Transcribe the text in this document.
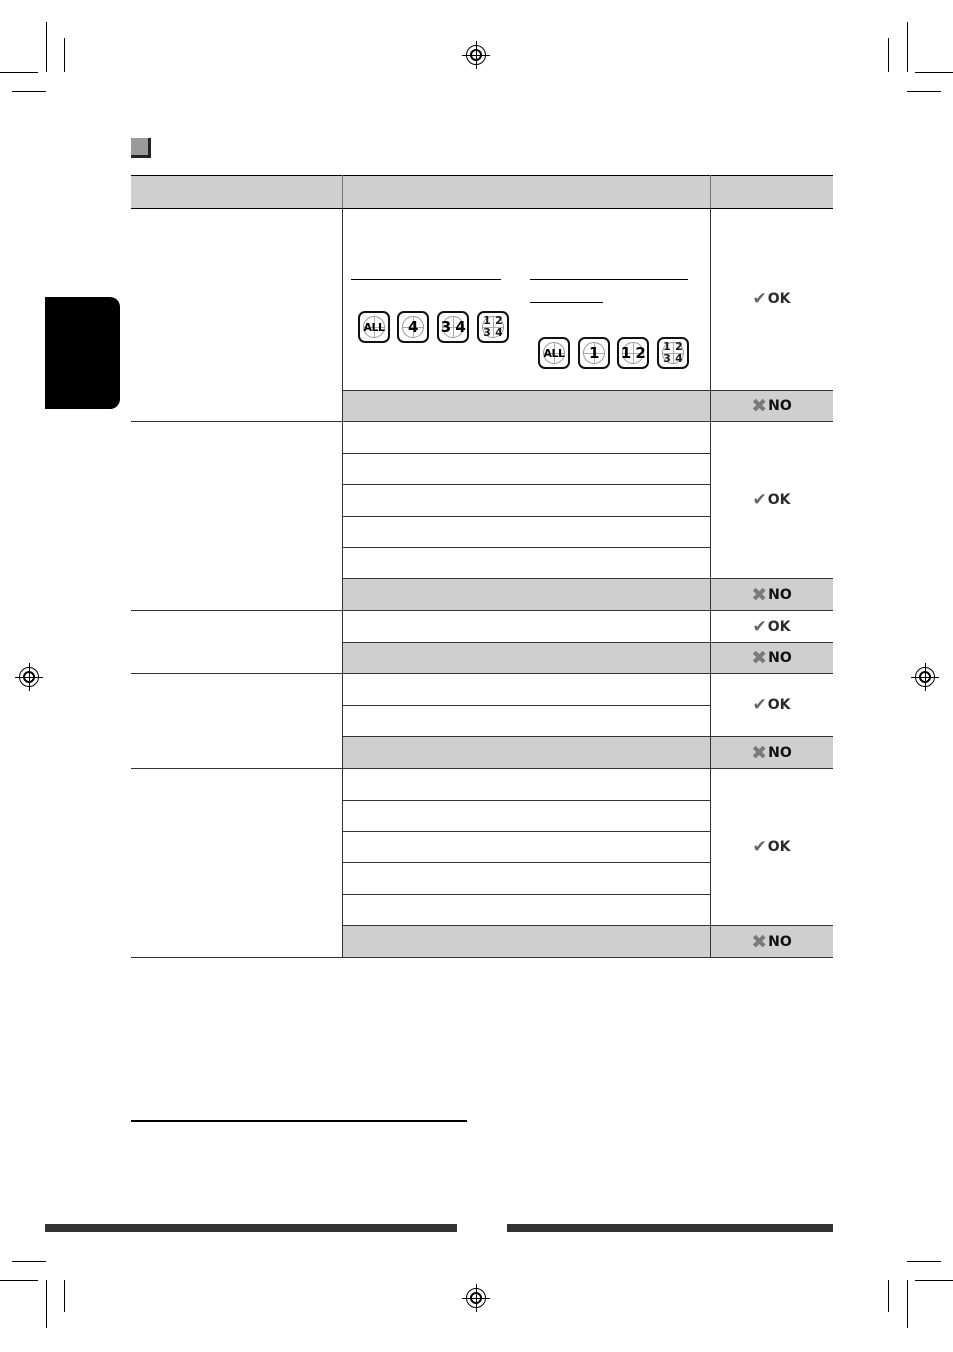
ALL 4 3 4 1 2
3 4
ALL 1 1 2 1 2
3 4
✔ OK
✖ NO
✔ OK
✖ NO
✔ OK
✖ NO
✔ OK
✖ NO
✔ OK
✖ NO
